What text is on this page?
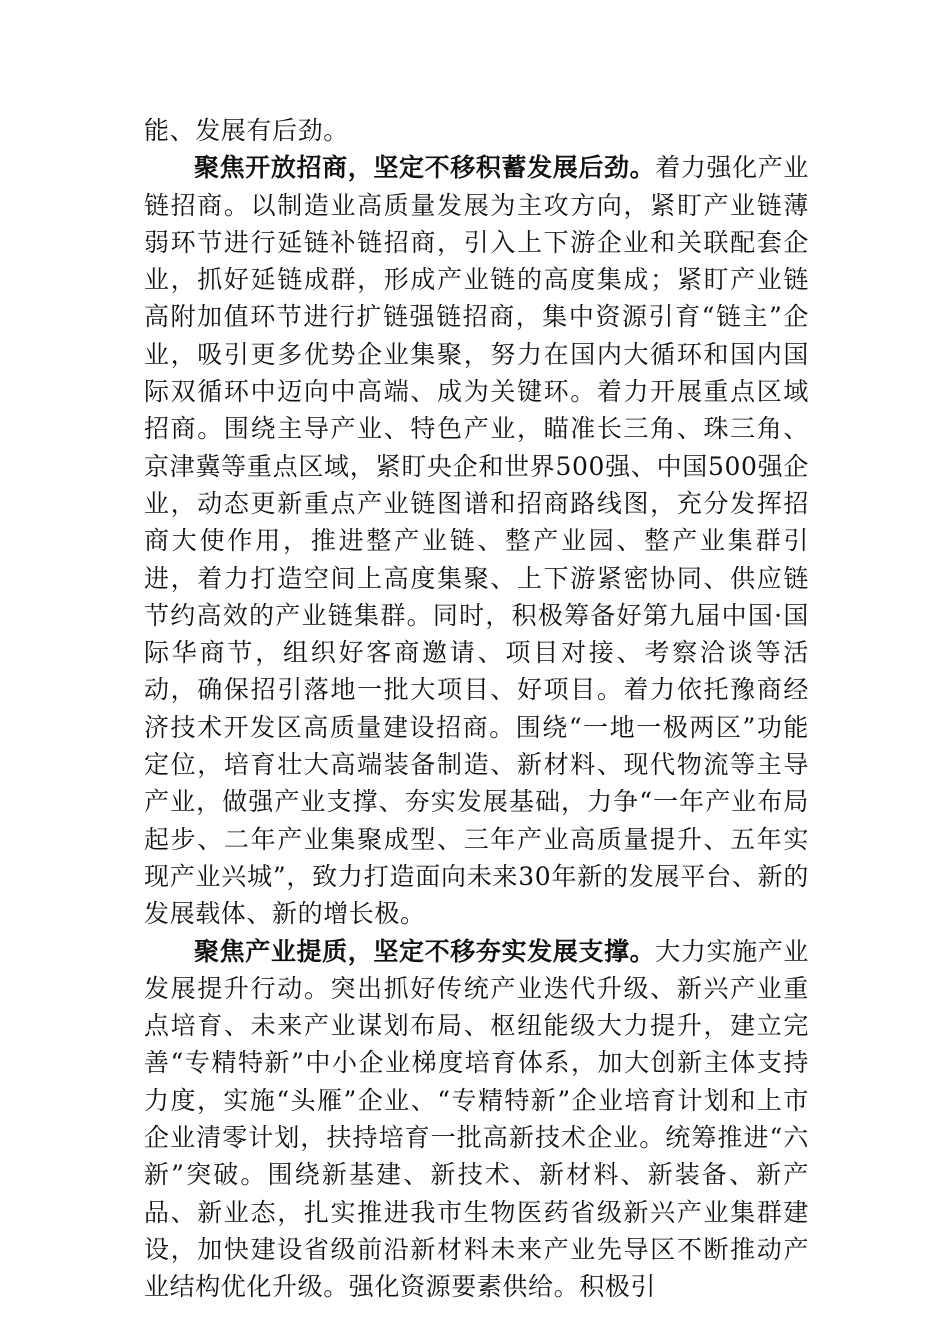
能、发展有后劲。

聚焦开放招商，坚定不移积蓄发展后劲。着力强化产业链招商。以制造业高质量发展为主攻方向，紧盯产业链薄弱环节进行延链补链招商，引入上下游企业和关联配套企业，抓好延链成群，形成产业链的高度集成；紧盯产业链高附加值环节进行扩链强链招商，集中资源引育“链主”企业，吸引更多优势企业集聚，努力在国内大循环和国内国际双循环中迈向中高端、成为关键环。着力开展重点区域招商。围绕主导产业、特色产业，瞄准长三角、珠三角、京津冀等重点区域，紧盯央企和世界500强、中国500强企业，动态更新重点产业链图谱和招商路线图，充分发挥招商大使作用，推进整产业链、整产业园、整产业集群引进，着力打造空间上高度集聚、上下游紧密协同、供应链节约高效的产业链集群。同时，积极筹备好第九届中国·国际华商节，组织好客商邀请、项目对接、考察洽谈等活动，确保招引落地一批大项目、好项目。着力依托豫商经济技术开发区高质量建设招商。围绕“一地一极两区”功能定位，培育壮大高端装备制造、新材料、现代物流等主导产业，做强产业支撑、夯实发展基础，力争“一年产业布局起步、二年产业集聚成型、三年产业高质量提升、五年实现产业兴城”，致力打造面向未来30年新的发展平台、新的发展载体、新的增长极。

聚焦产业提质，坚定不移夯实发展支撑。大力实施产业发展提升行动。突出抓好传统产业迭代升级、新兴产业重点培育、未来产业谋划布局、枢纽能级大力提升，建立完善“专精特新”中小企业梯度培育体系，加大创新主体支持力度，实施“头雁”企业、“专精特新”企业培育计划和上市企业清零计划，扶持培育一批高新技术企业。统筹推进“六新”突破。围绕新基建、新技术、新材料、新装备、新产品、新业态，扎实推进我市生物医药省级新兴产业集群建设，加快建设省级前沿新材料未来产业先导区不断推动产业结构优化升级。强化资源要素供给。积极引
